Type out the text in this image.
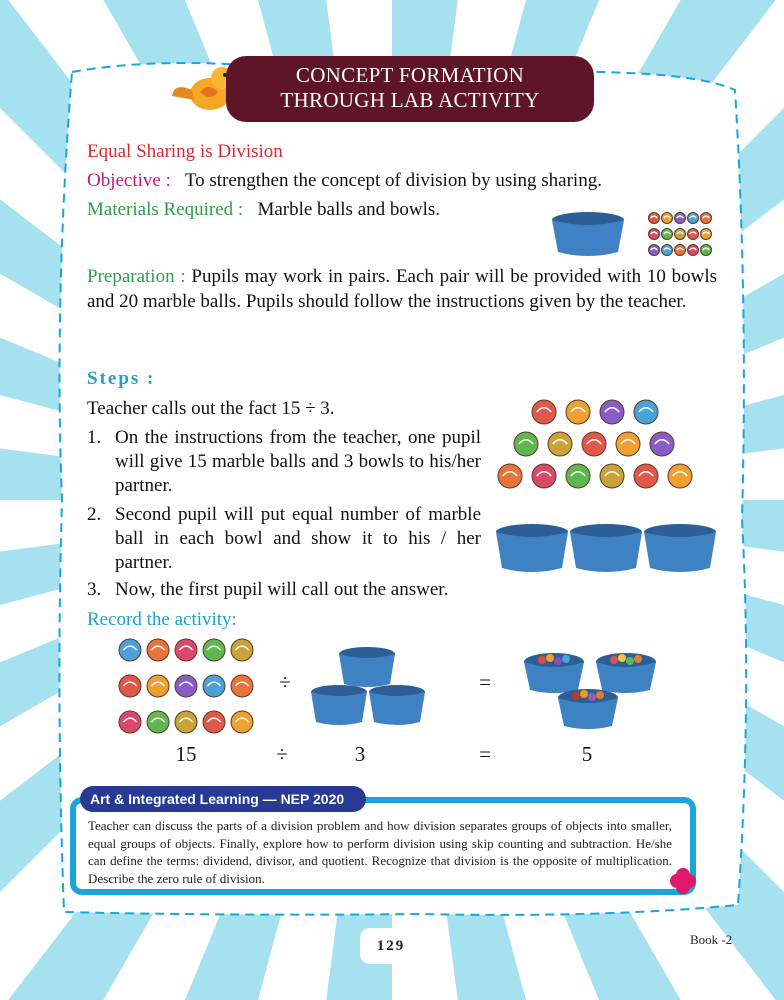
CONCEPT FORMATION
THROUGH LAB ACTIVITY
Equal Sharing is Division
Objective : To strengthen the concept of division by using sharing.
Materials Required : Marble balls and bowls.
Preparation : Pupils may work in pairs. Each pair will be provided with 10 bowls and 20 marble balls. Pupils should follow the instructions given by the teacher.
Steps :
Teacher calls out the fact 15 ÷ 3.
1. On the instructions from the teacher, one pupil will give 15 marble balls and 3 bowls to his/her partner.
2. Second pupil will put equal number of marble ball in each bowl and show it to his / her partner.
3. Now, the first pupil will call out the answer.
Record the activity:
÷	=
15	÷	3	=	5
Art & Integrated Learning — NEP 2020
Teacher can discuss the parts of a division problem and how division separates groups of objects into smaller, equal groups of objects. Finally, explore how to perform division using skip counting and subtraction. He/she can define the terms: dividend, divisor, and quotient. Recognize that division is the opposite of multiplication. Describe the zero rule of division.
129	Book -2
